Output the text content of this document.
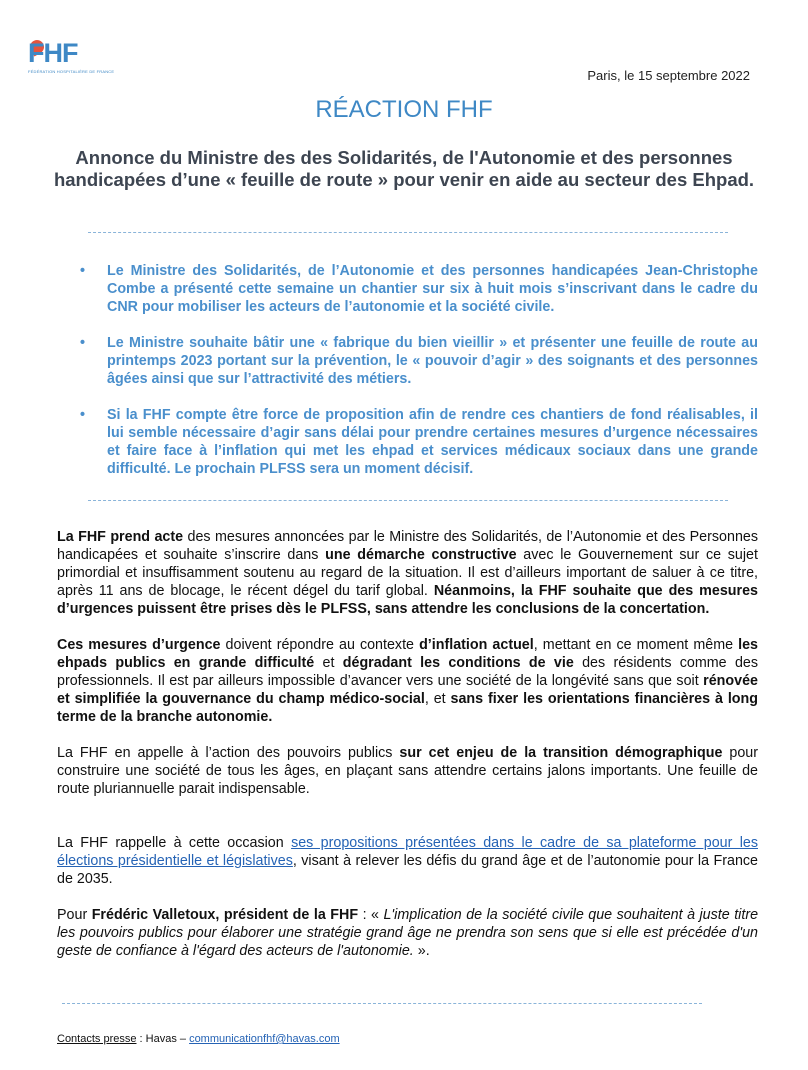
FHF
FÉDÉRATION HOSPITALIÈRE DE FRANCE	Paris, le 15 septembre 2022
RÉACTION FHF
Annonce du Ministre des des Solidarités, de l'Autonomie et des personnes handicapées d’une « feuille de route » pour venir en aide au secteur des Ehpad.
• Le Ministre des Solidarités, de l’Autonomie et des personnes handicapées Jean-Christophe Combe a présenté cette semaine un chantier sur six à huit mois s’inscrivant dans le cadre du CNR pour mobiliser les acteurs de l’autonomie et la société civile.
• Le Ministre souhaite bâtir une « fabrique du bien vieillir » et présenter une feuille de route au printemps 2023 portant sur la prévention, le « pouvoir d’agir » des soignants et des personnes âgées ainsi que sur l’attractivité des métiers.
• Si la FHF compte être force de proposition afin de rendre ces chantiers de fond réalisables, il lui semble nécessaire d’agir sans délai pour prendre certaines mesures d’urgence nécessaires et faire face à l’inflation qui met les ehpad et services médicaux sociaux dans une grande difficulté. Le prochain PLFSS sera un moment décisif.

La FHF prend acte des mesures annoncées par le Ministre des Solidarités, de l’Autonomie et des Personnes handicapées et souhaite s’inscrire dans une démarche constructive avec le Gouvernement sur ce sujet primordial et insuffisamment soutenu au regard de la situation. Il est d’ailleurs important de saluer à ce titre, après 11 ans de blocage, le récent dégel du tarif global. Néanmoins, la FHF souhaite que des mesures d’urgences puissent être prises dès le PLFSS, sans attendre les conclusions de la concertation.

Ces mesures d’urgence doivent répondre au contexte d’inflation actuel, mettant en ce moment même les ehpads publics en grande difficulté et dégradant les conditions de vie des résidents comme des professionnels. Il est par ailleurs impossible d’avancer vers une société de la longévité sans que soit rénovée et simplifiée la gouvernance du champ médico-social, et sans fixer les orientations financières à long terme de la branche autonomie.

La FHF en appelle à l’action des pouvoirs publics sur cet enjeu de la transition démographique pour construire une société de tous les âges, en plaçant sans attendre certains jalons importants. Une feuille de route pluriannuelle parait indispensable.

La FHF rappelle à cette occasion ses propositions présentées dans le cadre de sa plateforme pour les élections présidentielle et législatives, visant à relever les défis du grand âge et de l’autonomie pour la France de 2035.

Pour Frédéric Valletoux, président de la FHF : « L'implication de la société civile que souhaitent à juste titre les pouvoirs publics pour élaborer une stratégie grand âge ne prendra son sens que si elle est précédée d'un geste de confiance à l'égard des acteurs de l'autonomie. ».

Contacts presse : Havas – communicationfhf@havas.com
